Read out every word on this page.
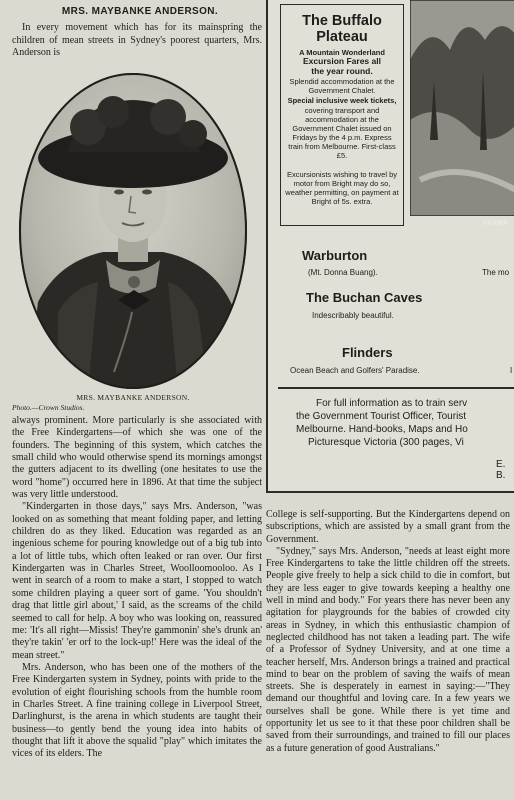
MRS. MAYBANKE ANDERSON.

In every movement which has for its mainspring the children of mean streets in Sydney's poorest quarters, Mrs. Anderson is

MRS. MAYBANKE ANDERSON.
Photo.—Crown Studios.

always prominent. More particularly is she associated with the Free Kindergartens—of which she was one of the founders. The beginning of this system, which catches the small child who would otherwise spend its mornings amongst the gutters adjacent to its dwelling (one hesitates to use the word "home") occurred here in 1896. At that time the subject was very little understood.

"Kindergarten in those days," says Mrs. Anderson, "was looked on as something that meant folding paper, and letting children do as they liked. Education was regarded as an ingenious scheme for pouring knowledge out of a big tub into a lot of little tubs, which often leaked or ran over. Our first Kindergarten was in Charles Street, Woolloomooloo. As I went in search of a room to make a start, I stopped to watch some children playing a queer sort of game. 'You shouldn't drag that little girl about,' I said, as the screams of the child seemed to call for help. A boy who was looking on, reassured me: 'It's all right—Missis! They're gammonin' she's drunk an' they're takin' 'er orf to the lock-up!' Here was the ideal of the mean street."

Mrs. Anderson, who has been one of the mothers of the Free Kindergarten system in Sydney, points with pride to the evolution of eight flourishing schools from the humble room in Charles Street. A fine training college in Liverpool Street, Darlinghurst, is the arena in which students are taught their business—to gently bend the young idea into habits of thought that lift it above the squalid "play" which imitates the vices of its elders. The

College is self-supporting. But the Kindergartens depend on subscriptions, which are assisted by a small grant from the Government.

"Sydney," says Mrs. Anderson, "needs at least eight more Free Kindergartens to take the little children off the streets. People give freely to help a sick child to die in comfort, but they are less eager to give towards keeping a healthy one well in mind and body." For years there has never been any agitation for playgrounds for the babies of crowded city areas in Sydney, in which this enthusiastic champion of neglected childhood has not taken a leading part. The wife of a Professor of Sydney University, and at one time a teacher herself, Mrs. Anderson brings a trained and practical mind to bear on the problem of saving the waifs of mean streets. She is desperately in earnest in saying:—"They demand our thoughtful and loving care. In a few years we ourselves shall be gone. While there is yet time and opportunity let us see to it that these poor children shall be saved from their surroundings, and trained to fill our places as a future generation of good Australians."

The Buffalo
Plateau
A Mountain Wonderland
Excursion Fares all
the year round.
Splendid accommodation at the Government Chalet.
Special inclusive week tickets,
covering transport and accommodation at the Government Chalet issued on Fridays by the 4 p.m. Express train from Melbourne. First-class £5.
Excursionists wishing to travel by motor from Bright may do so, weather permitting, on payment at Bright of 5s. extra.
YARRA
Warburton
(Mt. Donna Buang).	The mo
The Buchan Caves
Indescribably beautiful.
Flinders
Ocean Beach and Golfers' Paradise.	I
For full information as to train serv
the Government Tourist Officer, Tourist
Melbourne. Hand-books, Maps and Ho
Picturesque Victoria (300 pages, Vi
E. B.
